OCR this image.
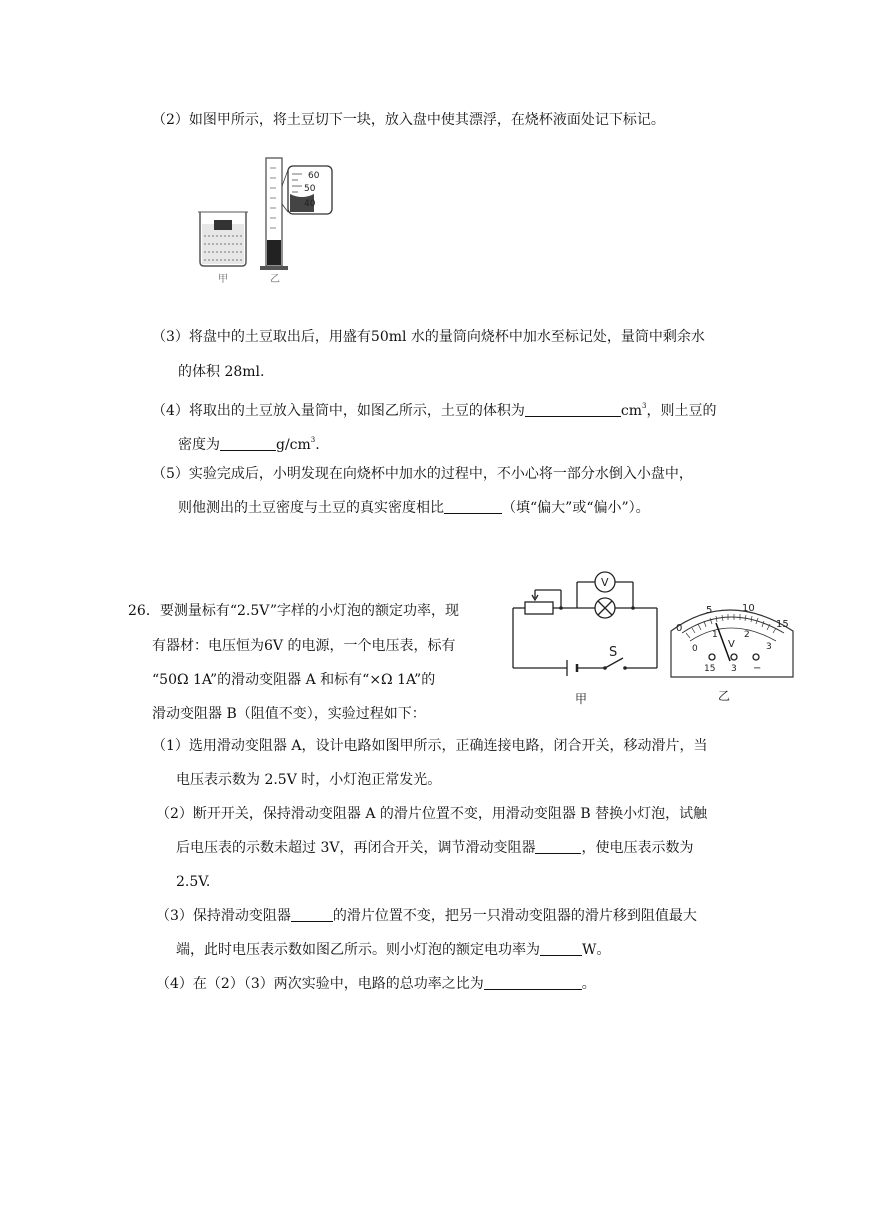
（2）如图甲所示，将土豆切下一块，放入盘中使其漂浮，在烧杯液面处记下标记。
60
50
40
甲	乙
（3）将盘中的土豆取出后，用盛有50ml 水的量筒向烧杯中加水至标记处，量筒中剩余水
的体积 28ml.
（4）将取出的土豆放入量筒中，如图乙所示，土豆的体积为	$cm^3$，则土豆的
密度为	$g/cm^3$.
（5）实验完成后，小明发现在向烧杯中加水的过程中，不小心将一部分水倒入小盘中，
则他测出的土豆密度与土豆的真实密度相比	（填“偏大”或“偏小”）。
26．要测量标有“2.5V”字样的小灯泡的额定功率，现
有器材：电压恒为6V 的电源，一个电压表，标有
“50Ω 1A”的滑动变阻器 A 和标有“×Ω 1A”的
滑动变阻器 B（阻值不变），实验过程如下：
V
S
甲
0
5	10
15
0
1	2
3
V
15 3 −
乙
（1）选用滑动变阻器 A，设计电路如图甲所示，正确连接电路，闭合开关，移动滑片，当
电压表示数为 2.5V 时，小灯泡正常发光。
（2）断开开关，保持滑动变阻器 A 的滑片位置不变，用滑动变阻器 B 替换小灯泡，试触
后电压表的示数未超过 3V，再闭合开关，调节滑动变阻器	，使电压表示数为
2.5V.
（3）保持滑动变阻器	的滑片位置不变，把另一只滑动变阻器的滑片移到阻值最大
端，此时电压表示数如图乙所示。则小灯泡的额定电功率为	W。
（4）在（2）（3）两次实验中，电路的总功率之比为	。
